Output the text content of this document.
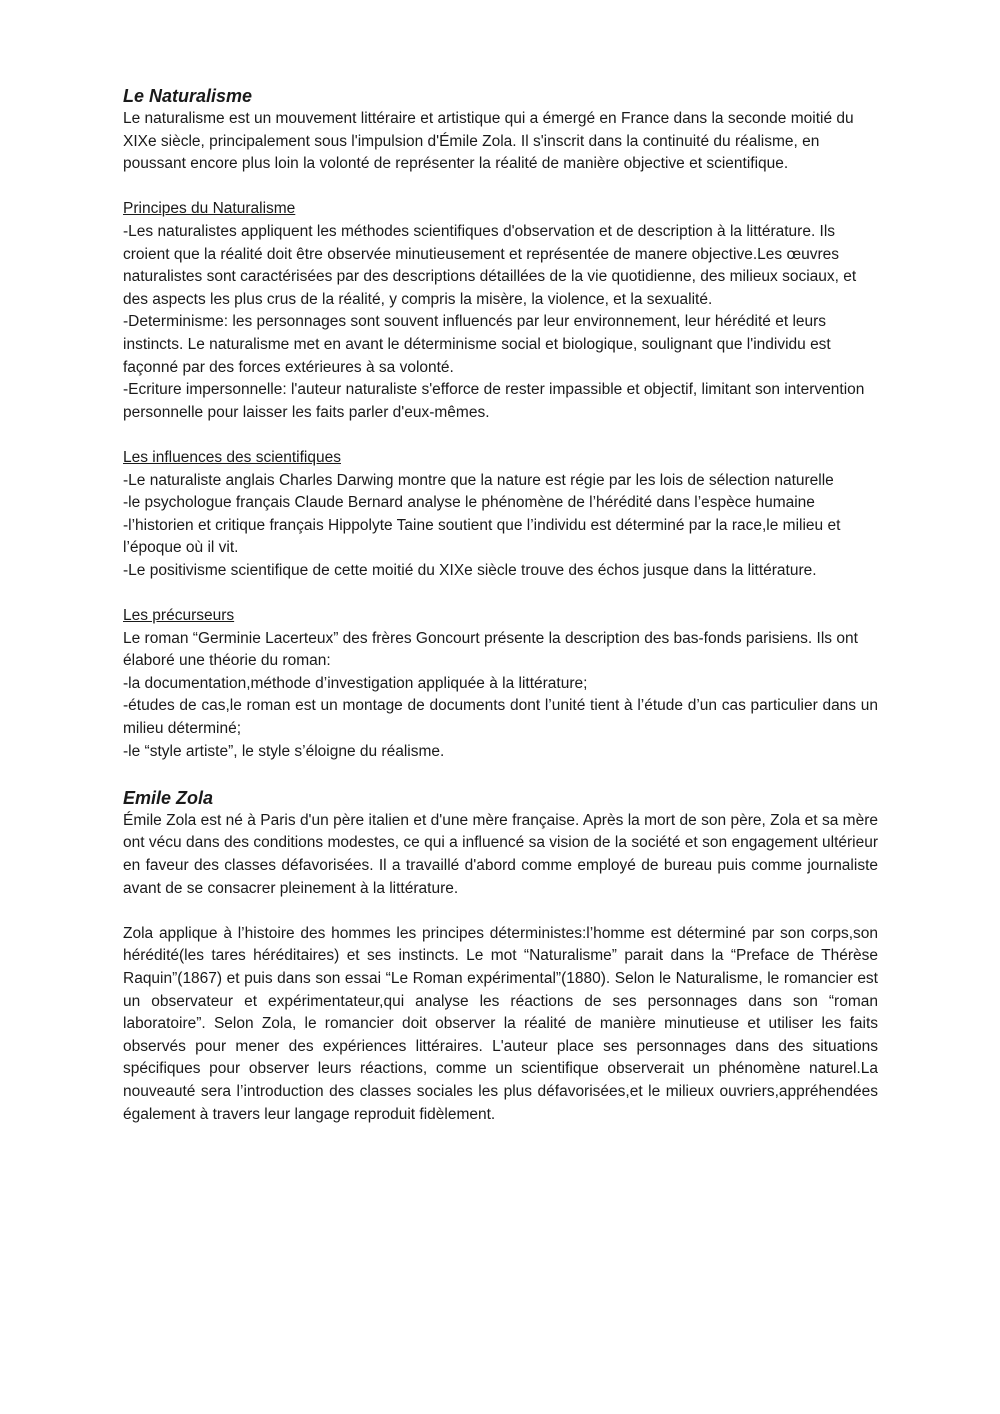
Le Naturalisme

Le naturalisme est un mouvement littéraire et artistique qui a émergé en France dans la seconde moitié du XIXe siècle, principalement sous l'impulsion d'Émile Zola. Il s'inscrit dans la continuité du réalisme, en poussant encore plus loin la volonté de représenter la réalité de manière objective et scientifique.

Principes du Naturalisme

-Les naturalistes appliquent les méthodes scientifiques d'observation et de description à la littérature. Ils croient que la réalité doit être observée minutieusement et représentée de manere objective.Les œuvres naturalistes sont caractérisées par des descriptions détaillées de la vie quotidienne, des milieux sociaux, et des aspects les plus crus de la réalité, y compris la misère, la violence, et la sexualité.

-Determinisme: les personnages sont souvent influencés par leur environnement, leur hérédité et leurs instincts. Le naturalisme met en avant le déterminisme social et biologique, soulignant que l'individu est façonné par des forces extérieures à sa volonté.

-Ecriture impersonnelle: l'auteur naturaliste s'efforce de rester impassible et objectif, limitant son intervention personnelle pour laisser les faits parler d'eux-mêmes.

Les influences des scientifiques

-Le naturaliste anglais Charles Darwing montre que la nature est régie par les lois de sélection naturelle

-le psychologue français Claude Bernard analyse le phénomène de l’hérédité dans l’espèce humaine

-l’historien et critique français Hippolyte Taine soutient que l’individu est déterminé par la race,le milieu et l’époque où il vit.

-Le positivisme scientifique de cette moitié du XIXe siècle trouve des échos jusque dans la littérature.

Les précurseurs

Le roman “Germinie Lacerteux” des frères Goncourt présente la description des bas-fonds parisiens. Ils ont élaboré une théorie du roman:

-la documentation,méthode d’investigation appliquée à la littérature;

-études de cas,le roman est un montage de documents dont l’unité tient à l’étude d’un cas particulier dans un milieu déterminé;

-le “style artiste”, le style s’éloigne du réalisme.

Emile Zola

Émile Zola est né à Paris d'un père italien et d'une mère française. Après la mort de son père, Zola et sa mère ont vécu dans des conditions modestes, ce qui a influencé sa vision de la société et son engagement ultérieur en faveur des classes défavorisées. Il a travaillé d'abord comme employé de bureau puis comme journaliste avant de se consacrer pleinement à la littérature.

Zola applique à l’histoire des hommes les principes déterministes:l’homme est déterminé par son corps,son hérédité(les tares héréditaires) et ses instincts. Le mot “Naturalisme” parait dans la “Preface de Thérèse Raquin”(1867) et puis dans son essai “Le Roman expérimental”(1880). Selon le Naturalisme, le romancier est un observateur et expérimentateur,qui analyse les réactions de ses personnages dans son “roman laboratoire”. Selon Zola, le romancier doit observer la réalité de manière minutieuse et utiliser les faits observés pour mener des expériences littéraires. L'auteur place ses personnages dans des situations spécifiques pour observer leurs réactions, comme un scientifique observerait un phénomène naturel.La nouveauté sera l’introduction des classes sociales les plus défavorisées,et le milieux ouvriers,appréhendées également à travers leur langage reproduit fidèlement.
